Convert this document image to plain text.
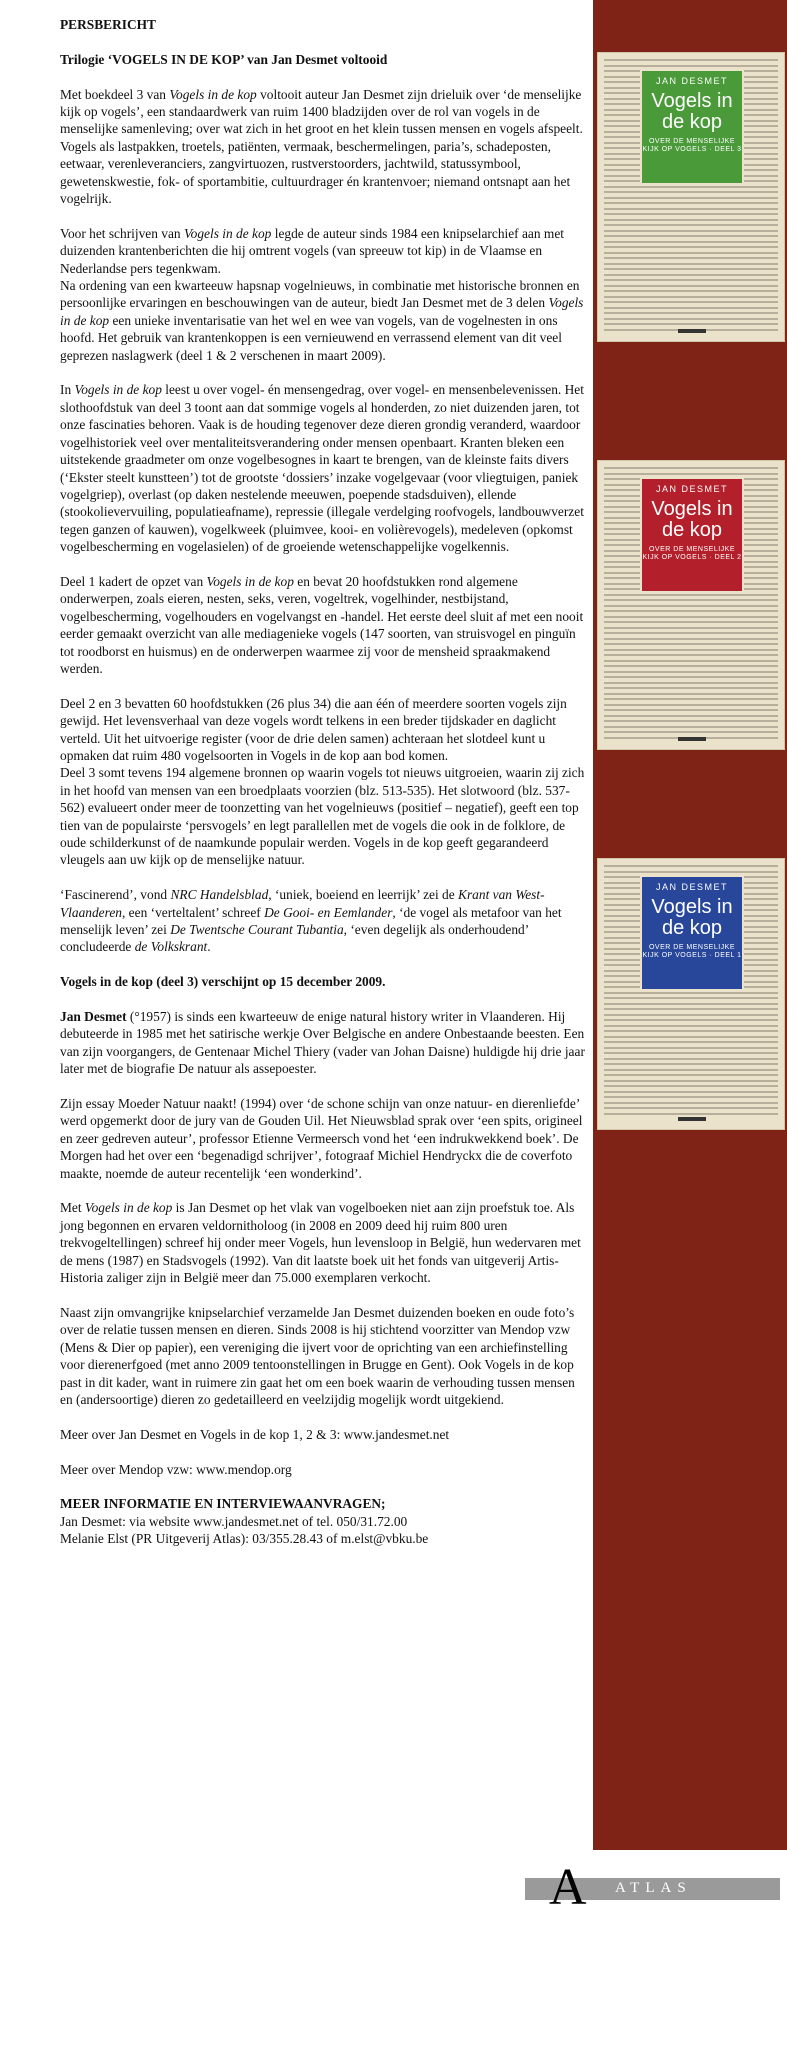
PERSBERICHT

Trilogie ‘VOGELS IN DE KOP’ van Jan Desmet voltooid

Met boekdeel 3 van Vogels in de kop voltooit auteur Jan Desmet zijn drieluik over ‘de menselijke kijk op vogels’, een standaardwerk van ruim 1400 bladzijden over de rol van vogels in de menselijke samenleving; over wat zich in het groot en het klein tussen mensen en vogels afspeelt.

Vogels als lastpakken, troetels, patiënten, vermaak, beschermelingen, paria’s, schadeposten, eetwaar, verenleveranciers, zangvirtuozen, rustverstoorders, jachtwild, statussymbool, gewetenskwestie, fok- of sportambitie, cultuurdrager én krantenvoer; niemand ontsnapt aan het vogelrijk.

Voor het schrijven van Vogels in de kop legde de auteur sinds 1984 een knipselarchief aan met duizenden krantenberichten die hij omtrent vogels (van spreeuw tot kip) in de Vlaamse en Nederlandse pers tegenkwam.

Na ordening van een kwarteeuw hapsnap vogelnieuws, in combinatie met historische bronnen en persoonlijke ervaringen en beschouwingen van de auteur, biedt Jan Desmet met de 3 delen Vogels in de kop een unieke inventarisatie van het wel en wee van vogels, van de vogelnesten in ons hoofd. Het gebruik van krantenkoppen is een vernieuwend en verrassend element van dit veel geprezen naslagwerk (deel 1 & 2 verschenen in maart 2009).

In Vogels in de kop leest u over vogel- én mensengedrag, over vogel- en mensenbelevenissen. Het slothoofdstuk van deel 3 toont aan dat sommige vogels al honderden, zo niet duizenden jaren, tot onze fascinaties behoren. Vaak is de houding tegenover deze dieren grondig veranderd, waardoor vogelhistoriek veel over mentaliteitsverandering onder mensen openbaart. Kranten bleken een uitstekende graadmeter om onze vogelbesognes in kaart te brengen, van de kleinste faits divers (‘Ekster steelt kunstteen’) tot de grootste ‘dossiers’ inzake vogelgevaar (voor vliegtuigen, paniek vogelgriep), overlast (op daken nestelende meeuwen, poepende stadsduiven), ellende (stookolievervuiling, populatieafname), repressie (illegale verdelging roofvogels, landbouwverzet tegen ganzen of kauwen), vogelkweek (pluimvee, kooi- en volièrevogels), medeleven (opkomst vogelbescherming en vogelasielen) of de groeiende wetenschappelijke vogelkennis.

Deel 1 kadert de opzet van Vogels in de kop en bevat 20 hoofdstukken rond algemene onderwerpen, zoals eieren, nesten, seks, veren, vogeltrek, vogelhinder, nestbijstand, vogelbescherming, vogelhouders en vogelvangst en -handel. Het eerste deel sluit af met een nooit eerder gemaakt overzicht van alle mediagenieke vogels (147 soorten, van struisvogel en pinguïn tot roodborst en huismus) en de onderwerpen waarmee zij voor de mensheid spraakmakend werden.

Deel 2 en 3 bevatten 60 hoofdstukken (26 plus 34) die aan één of meerdere soorten vogels zijn gewijd. Het levensverhaal van deze vogels wordt telkens in een breder tijdskader en daglicht verteld. Uit het uitvoerige register (voor de drie delen samen) achteraan het slotdeel kunt u opmaken dat ruim 480 vogelsoorten in Vogels in de kop aan bod komen.

Deel 3 somt tevens 194 algemene bronnen op waarin vogels tot nieuws uitgroeien, waarin zij zich in het hoofd van mensen van een broedplaats voorzien (blz. 513-535). Het slotwoord (blz. 537-562) evalueert onder meer de toonzetting van het vogelnieuws (positief – negatief), geeft een top tien van de populairste ‘persvogels’ en legt parallellen met de vogels die ook in de folklore, de oude schilderkunst of de naamkunde populair werden. Vogels in de kop geeft gegarandeerd vleugels aan uw kijk op de menselijke natuur.

‘Fascinerend’, vond NRC Handelsblad, ‘uniek, boeiend en leerrijk’ zei de Krant van West-Vlaanderen, een ‘verteltalent’ schreef De Gooi- en Eemlander, ‘de vogel als metafoor van het menselijk leven’ zei De Twentsche Courant Tubantia, ‘even degelijk als onderhoudend’ concludeerde de Volkskrant.

Vogels in de kop (deel 3) verschijnt op 15 december 2009.

Jan Desmet (°1957) is sinds een kwarteeuw de enige natural history writer in Vlaanderen. Hij debuteerde in 1985 met het satirische werkje Over Belgische en andere Onbestaande beesten. Een van zijn voorgangers, de Gentenaar Michel Thiery (vader van Johan Daisne) huldigde hij drie jaar later met de biografie De natuur als assepoester.

Zijn essay Moeder Natuur naakt! (1994) over ‘de schone schijn van onze natuur- en dierenliefde’ werd opgemerkt door de jury van de Gouden Uil. Het Nieuwsblad sprak over ‘een spits, origineel en zeer gedreven auteur’, professor Etienne Vermeersch vond het ‘een indrukwekkend boek’. De Morgen had het over een ‘begenadigd schrijver’, fotograaf Michiel Hendryckx die de coverfoto maakte, noemde de auteur recentelijk ‘een wonderkind’.

Met Vogels in de kop is Jan Desmet op het vlak van vogelboeken niet aan zijn proefstuk toe. Als jong begonnen en ervaren veldornitholoog (in 2008 en 2009 deed hij ruim 800 uren trekvogeltellingen) schreef hij onder meer Vogels, hun levensloop in België, hun wedervaren met de mens (1987) en Stadsvogels (1992). Van dit laatste boek uit het fonds van uitgeverij Artis-Historia zaliger zijn in België meer dan 75.000 exemplaren verkocht.

Naast zijn omvangrijke knipselarchief verzamelde Jan Desmet duizenden boeken en oude foto’s over de relatie tussen mensen en dieren. Sinds 2008 is hij stichtend voorzitter van Mendop vzw (Mens & Dier op papier), een vereniging die ijvert voor de oprichting van een archiefinstelling voor dierenerfgoed (met anno 2009 tentoonstellingen in Brugge en Gent). Ook Vogels in de kop past in dit kader, want in ruimere zin gaat het om een boek waarin de verhouding tussen mensen en (andersoortige) dieren zo gedetailleerd en veelzijdig mogelijk wordt uitgekiend.

Meer over Jan Desmet en Vogels in de kop 1, 2 & 3: www.jandesmet.net

Meer over Mendop vzw: www.mendop.org

MEER INFORMATIE EN INTERVIEWAANVRAGEN;

Jan Desmet: via website www.jandesmet.net of tel. 050/31.72.00

Melanie Elst (PR Uitgeverij Atlas): 03/355.28.43 of m.elst@vbku.be

JAN DESMET
Vogels in de kop
OVER DE MENSELIJKE KIJK OP VOGELS · DEEL 3
JAN DESMET
Vogels in de kop
OVER DE MENSELIJKE KIJK OP VOGELS · DEEL 2
JAN DESMET
Vogels in de kop
OVER DE MENSELIJKE KIJK OP VOGELS · DEEL 1
A ATLAS
